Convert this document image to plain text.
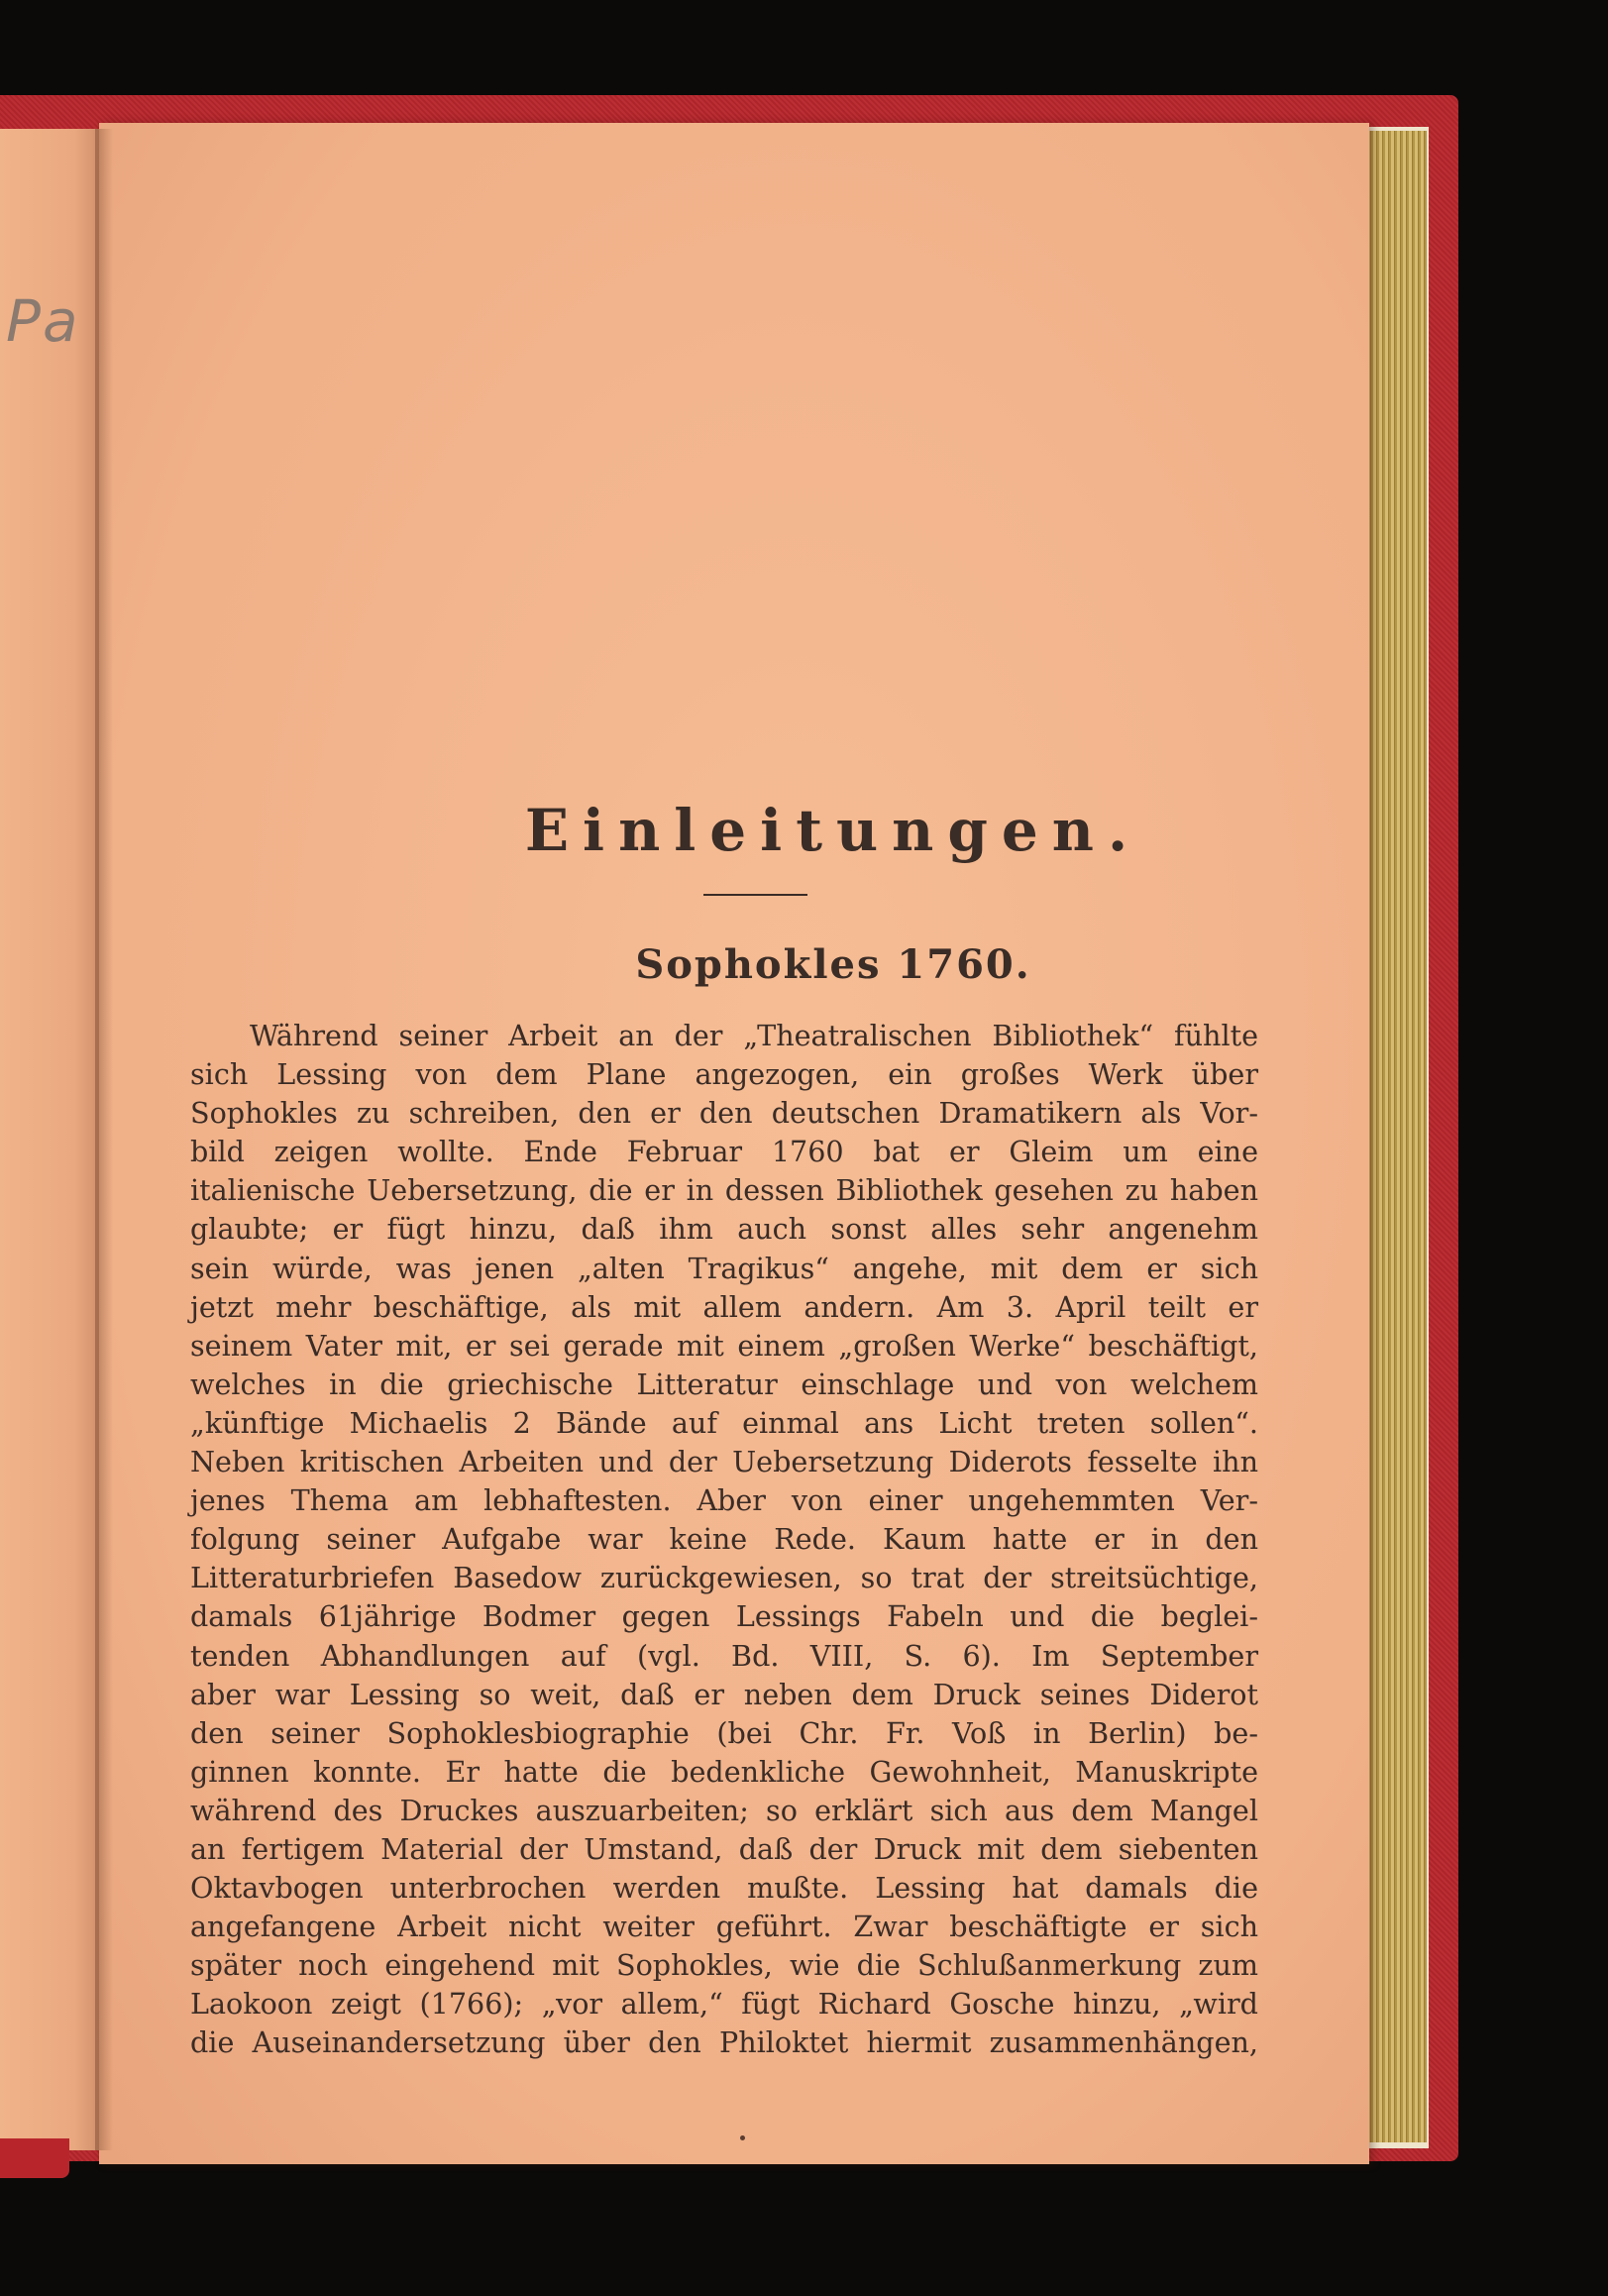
Pa
Einleitungen.
Sophokles 1760.
Während seiner Arbeit an der „Theatralischen Bibliothek“ fühlte
sich Lessing von dem Plane angezogen, ein großes Werk über
Sophokles zu schreiben, den er den deutschen Dramatikern als Vor-
bild zeigen wollte. Ende Februar 1760 bat er Gleim um eine
italienische Uebersetzung, die er in dessen Bibliothek gesehen zu haben
glaubte; er fügt hinzu, daß ihm auch sonst alles sehr angenehm
sein würde, was jenen „alten Tragikus“ angehe, mit dem er sich
jetzt mehr beschäftige, als mit allem andern. Am 3. April teilt er
seinem Vater mit, er sei gerade mit einem „großen Werke“ beschäftigt,
welches in die griechische Litteratur einschlage und von welchem
„künftige Michaelis 2 Bände auf einmal ans Licht treten sollen“.
Neben kritischen Arbeiten und der Uebersetzung Diderots fesselte ihn
jenes Thema am lebhaftesten. Aber von einer ungehemmten Ver-
folgung seiner Aufgabe war keine Rede. Kaum hatte er in den
Litteraturbriefen Basedow zurückgewiesen, so trat der streitsüchtige,
damals 61jährige Bodmer gegen Lessings Fabeln und die beglei-
tenden Abhandlungen auf (vgl. Bd. VIII, S. 6). Im September
aber war Lessing so weit, daß er neben dem Druck seines Diderot
den seiner Sophoklesbiographie (bei Chr. Fr. Voß in Berlin) be-
ginnen konnte. Er hatte die bedenkliche Gewohnheit, Manuskripte
während des Druckes auszuarbeiten; so erklärt sich aus dem Mangel
an fertigem Material der Umstand, daß der Druck mit dem siebenten
Oktavbogen unterbrochen werden mußte. Lessing hat damals die
angefangene Arbeit nicht weiter geführt. Zwar beschäftigte er sich
später noch eingehend mit Sophokles, wie die Schlußanmerkung zum
Laokoon zeigt (1766); „vor allem,“ fügt Richard Gosche hinzu, „wird
die Auseinandersetzung über den Philoktet hiermit zusammenhängen,
